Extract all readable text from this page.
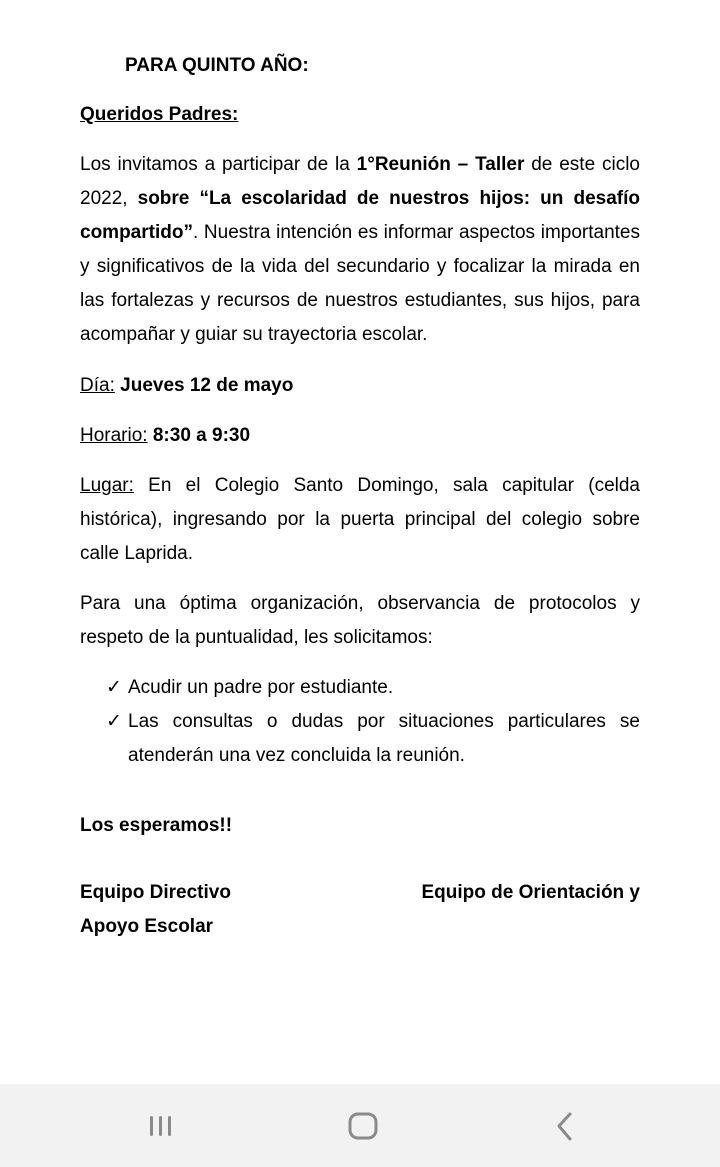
PARA QUINTO AÑO:
Queridos Padres:

Los invitamos a participar de la 1°Reunión – Taller de este ciclo 2022, sobre “La escolaridad de nuestros hijos: un desafío compartido”. Nuestra intención es informar aspectos importantes y significativos de la vida del secundario y focalizar la mirada en las fortalezas y recursos de nuestros estudiantes, sus hijos, para acompañar y guiar su trayectoria escolar.

Día: Jueves 12 de mayo
Horario: 8:30 a 9:30

Lugar: En el Colegio Santo Domingo, sala capitular (celda histórica), ingresando por la puerta principal del colegio sobre calle Laprida.

Para una óptima organización, observancia de protocolos y respeto de la puntualidad, les solicitamos:

✓ Acudir un padre por estudiante.

✓ Las consultas o dudas por situaciones particulares se atenderán una vez concluida la reunión.

Los esperamos!!
Equipo Directivo	Equipo de Orientación y
Apoyo Escolar
